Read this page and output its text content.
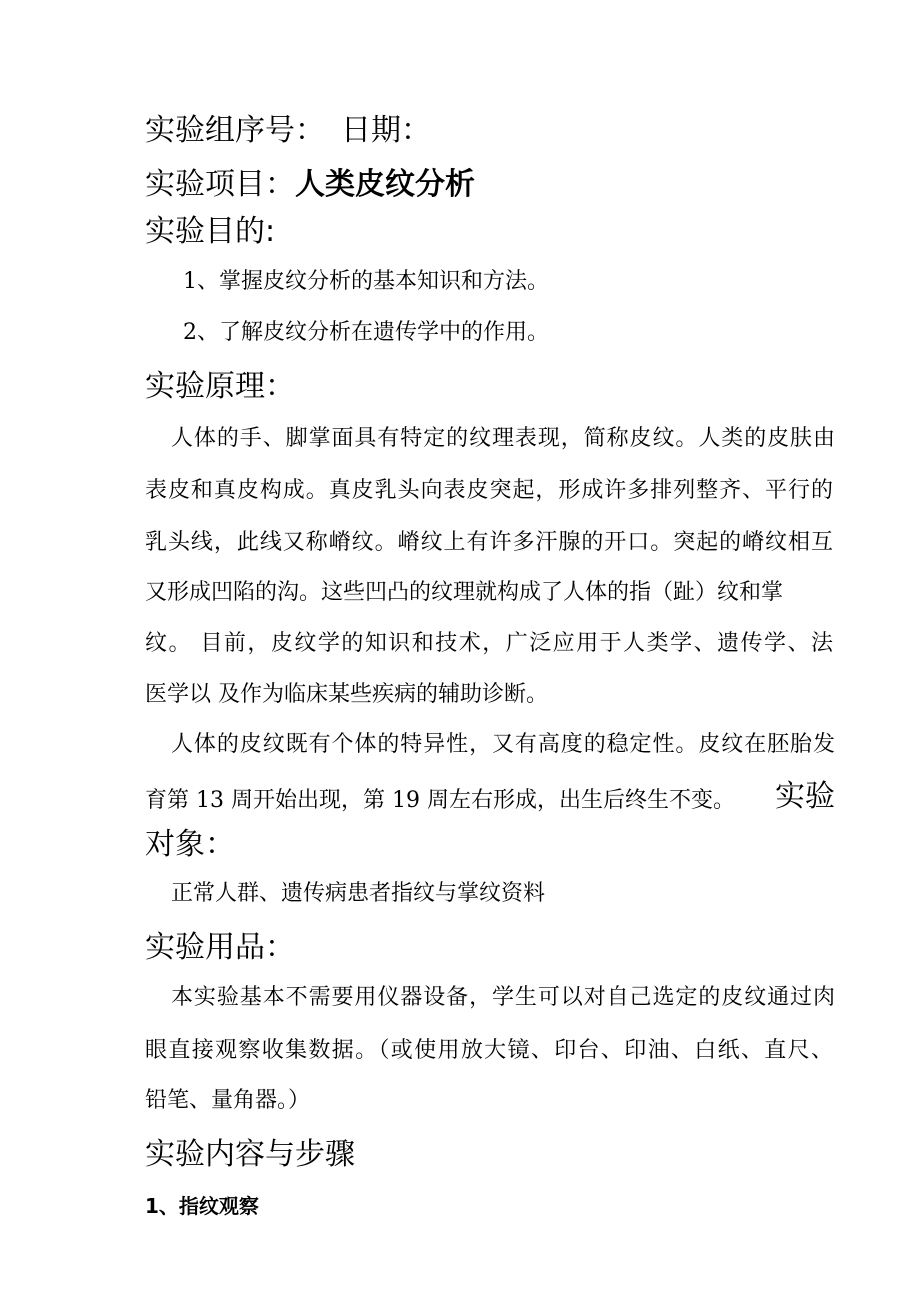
实验组序号： 日期：
实验项目：人类皮纹分析
实验目的:
1、掌握皮纹分析的基本知识和方法。
2、了解皮纹分析在遗传学中的作用。
实验原理：
人体的手、脚掌面具有特定的纹理表现，简称皮纹。人类的皮肤由
表皮和真皮构成。真皮乳头向表皮突起，形成许多排列整齐、平行的
乳头线，此线又称嵴纹。嵴纹上有许多汗腺的开口。突起的嵴纹相互
又形成凹陷的沟。这些凹凸的纹理就构成了人体的指（趾）纹和掌
纹。 目前，皮纹学的知识和技术，广泛应用于人类学、遗传学、法
医学以 及作为临床某些疾病的辅助诊断。
人体的皮纹既有个体的特异性，又有高度的稳定性。皮纹在胚胎发
育第 13 周开始出现，第 19 周左右形成，出生后终生不变。 实验
对象：
正常人群、遗传病患者指纹与掌纹资料
实验用品：
本实验基本不需要用仪器设备，学生可以对自己选定的皮纹通过肉
眼直接观察收集数据。（或使用放大镜、印台、印油、白纸、直尺、
铅笔、量角器。）
实验内容与步骤
1、指纹观察
